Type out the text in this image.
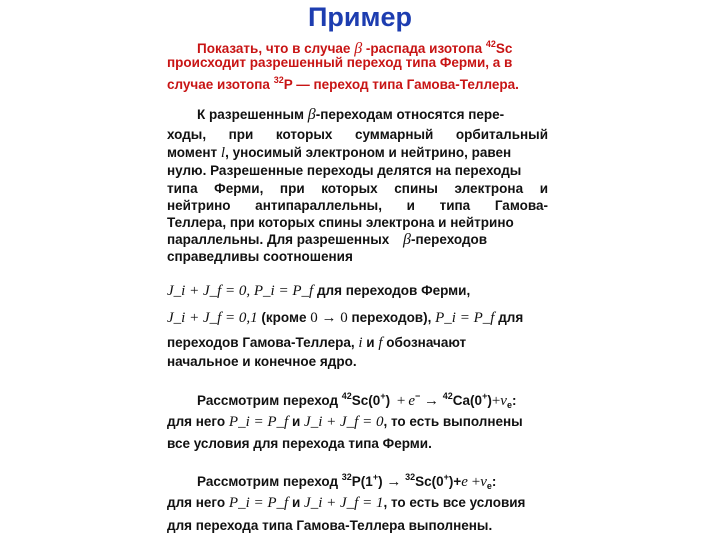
Пример
Показать, что в случае β -распада изотопа $^{42}$Sc
происходит разрешенный переход типа Ферми, а в
случае изотопа $^{32}$P — переход типа Гамова-Теллера.
К разрешенным β-переходам относятся пере-
ходы, при которых суммарный орбитальный
момент l, уносимый электроном и нейтрино, равен
нулю. Разрешенные переходы делятся на переходы
типа Ферми, при которых спины электрона и
нейтрино антипараллельны, и типа Гамова-
Теллера, при которых спины электрона и нейтрино
параллельны. Для разрешенных β-переходов
справедливы соотношения
J_i + J_f = 0, P_i = P_f для переходов Ферми,
J_i + J_f = 0,1 (кроме 0 → 0 переходов), P_i = P_f для
переходов Гамова-Теллера, i и f обозначают
начальное и конечное ядро.
Рассмотрим переход $^{42}Sc(0^+) + e^- \to ^{42}Ca(0^+)+\nu_e$:
для него P_i = P_f и J_i + J_f = 0, то есть выполнены
все условия для перехода типа Ферми.
Рассмотрим переход $^{32}P(1^+) \to ^{32}Sc(0^+)+e +\nu_e$:
для него P_i = P_f и J_i + J_f = 1, то есть все условия
для перехода типа Гамова-Теллера выполнены.
